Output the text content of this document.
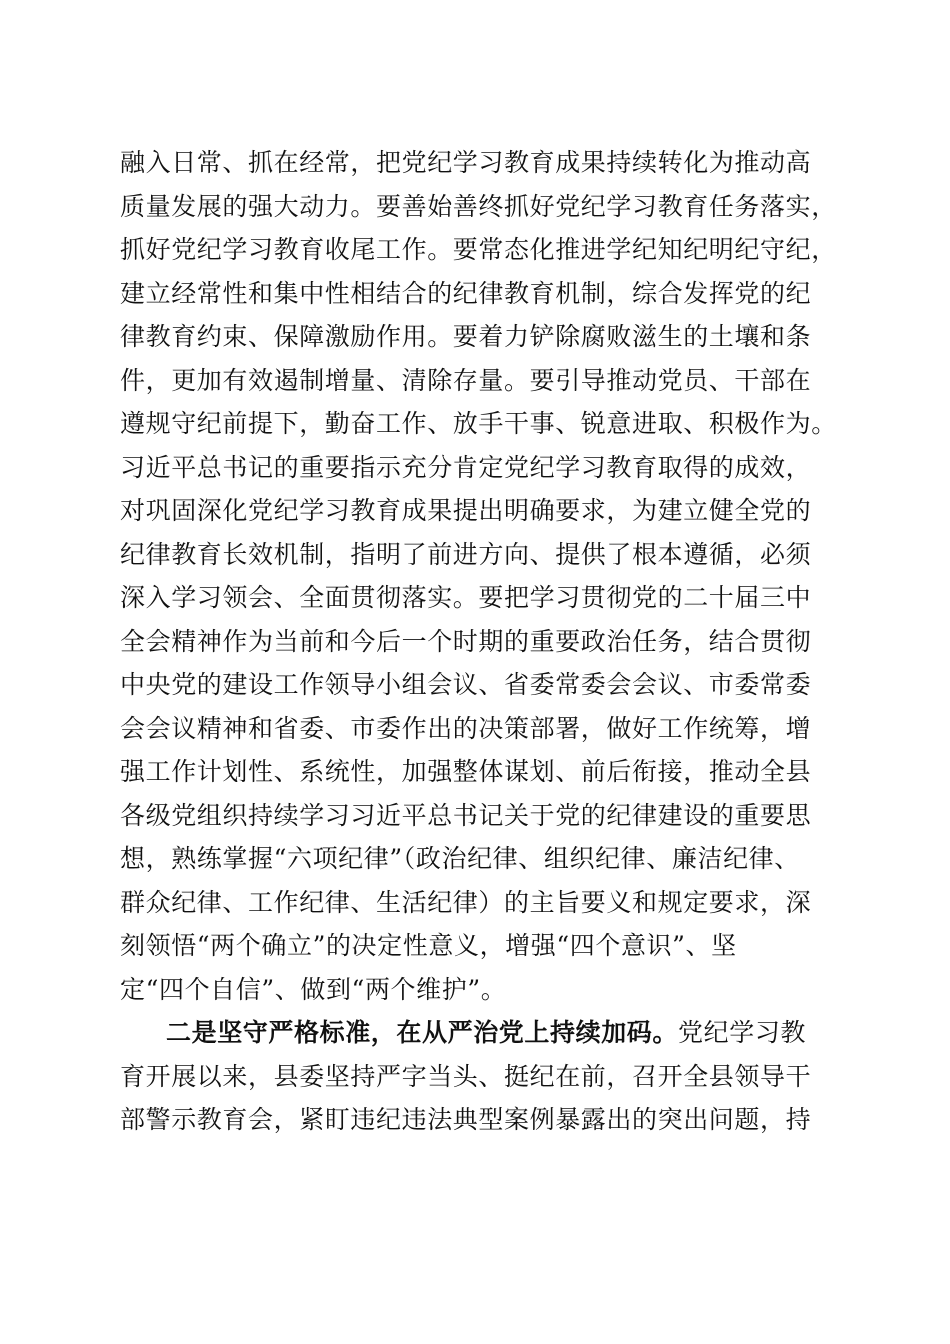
融入日常、抓在经常，把党纪学习教育成果持续转化为推动高

质量发展的强大动力。要善始善终抓好党纪学习教育任务落实，

抓好党纪学习教育收尾工作。要常态化推进学纪知纪明纪守纪，

建立经常性和集中性相结合的纪律教育机制，综合发挥党的纪

律教育约束、保障激励作用。要着力铲除腐败滋生的土壤和条

件，更加有效遏制增量、清除存量。要引导推动党员、干部在

遵规守纪前提下，勤奋工作、放手干事、锐意进取、积极作为。

习近平总书记的重要指示充分肯定党纪学习教育取得的成效，

对巩固深化党纪学习教育成果提出明确要求，为建立健全党的

纪律教育长效机制，指明了前进方向、提供了根本遵循，必须

深入学习领会、全面贯彻落实。要把学习贯彻党的二十届三中

全会精神作为当前和今后一个时期的重要政治任务，结合贯彻

中央党的建设工作领导小组会议、省委常委会会议、市委常委

会会议精神和省委、市委作出的决策部署，做好工作统筹，增

强工作计划性、系统性，加强整体谋划、前后衔接，推动全县

各级党组织持续学习习近平总书记关于党的纪律建设的重要思

想，熟练掌握“六项纪律”（政治纪律、组织纪律、廉洁纪律、

群众纪律、工作纪律、生活纪律）的主旨要义和规定要求，深

刻领悟“两个确立”的决定性意义，增强“四个意识”、坚

定“四个自信”、做到“两个维护”。

二是坚守严格标准，在从严治党上持续加码。党纪学习教

育开展以来，县委坚持严字当头、挺纪在前，召开全县领导干

部警示教育会，紧盯违纪违法典型案例暴露出的突出问题，持
